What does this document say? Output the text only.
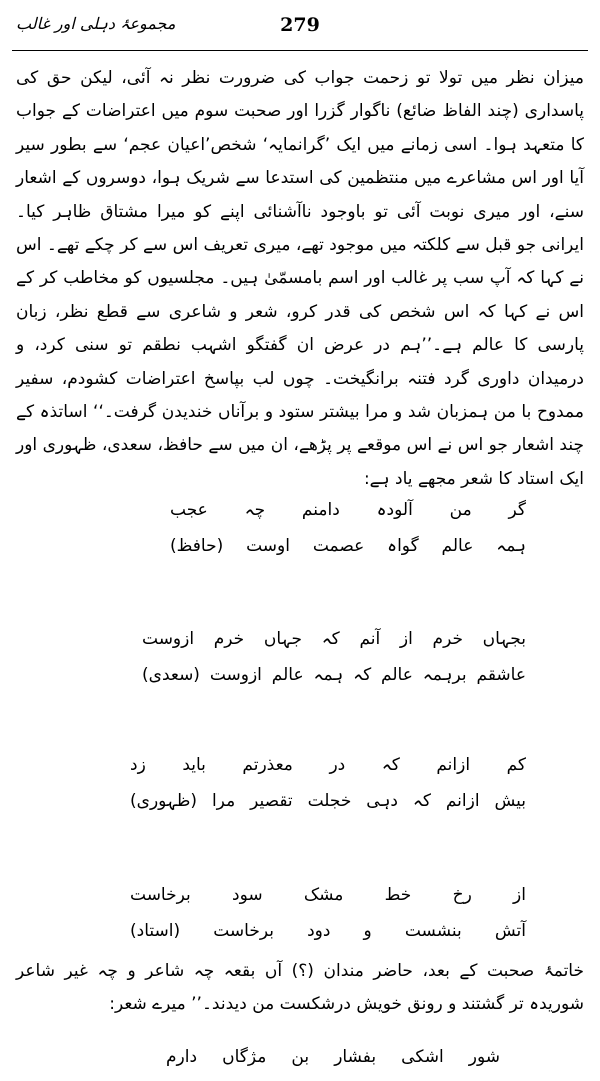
279
مجموعۂ دہلی اور غالب

میزان نظر میں تولا تو زحمت جواب کی ضرورت نظر نہ آئی، لیکن حق کی پاسداری (چند الفاظ ضائع) ناگوار گزرا اور صحبت سوم میں اعتراضات کے جواب کا متعہد ہوا۔ اسی زمانے میں ایک ’گرانمایہ‘ شخص’اعیان عجم‘ سے بطور سیر آیا اور اس مشاعرے میں منتظمین کی استدعا سے شریک ہوا، دوسروں کے اشعار سنے، اور میری نوبت آئی تو باوجود ناآشنائی اپنے کو میرا مشتاق ظاہر کیا۔ ایرانی جو قبل سے کلکتہ میں موجود تھے، میری تعریف اس سے کر چکے تھے۔ اس نے کہا کہ آپ سب پر غالب اور اسم بامسمّیٰ ہیں۔ مجلسیوں کو مخاطب کر کے اس نے کہا کہ اس شخص کی قدر کرو، شعر و شاعری سے قطع نظر، زبان پارسی کا عالم ہے۔’’ہم در عرض ان گفتگو اشہب نطقم تو سنی کرد، و درمیدان داوری گرد فتنہ برانگیخت۔ چوں لب بپاسخ اعتراضات کشودم، سفیر ممدوح با من ہمزبان شد و مرا بیشتر ستود و برآناں خندیدن گرفت۔‘‘ اساتذہ کے چند اشعار جو اس نے اس موقعے پر پڑھے، ان میں سے حافظ، سعدی، ظہوری اور ایک استاد کا شعر مجھے یاد ہے:

گر من آلودہ دامنم چہ عجب
ہمہ عالم گواہ عصمت اوست (حافظ)
بجہاں خرم از آنم کہ جہاں خرم ازوست
عاشقم برہمہ عالم کہ ہمہ عالم ازوست (سعدی)
کم ازانم کہ در معذرتم باید زد
بیش ازانم کہ دہی خجلت تقصیر مرا (ظہوری)
از رخ خط مشک سود برخاست
آتش بنشست و دود برخاست (استاد)

خاتمۂ صحبت کے بعد، حاضر مندان (؟) آں بقعہ چہ شاعر و چہ غیر شاعر شوریدہ تر گشتند و رونق خویش درشکست من دیدند۔’’ میرے شعر:

شور اشکی بفشار بن مژگاں دارم
